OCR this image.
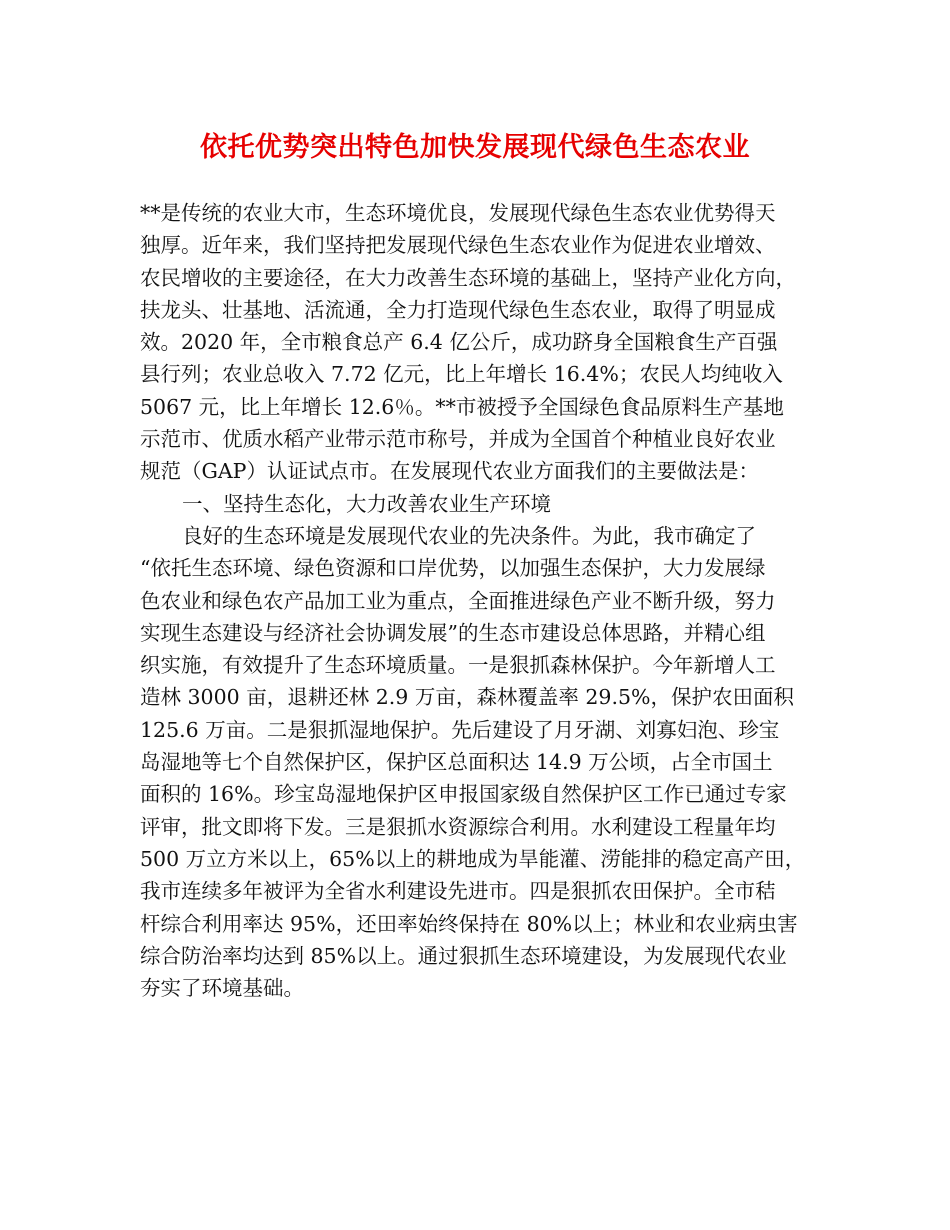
依托优势突出特色加快发展现代绿色生态农业
**是传统的农业大市，生态环境优良，发展现代绿色生态农业优势得天
独厚。近年来，我们坚持把发展现代绿色生态农业作为促进农业增效、
农民增收的主要途径，在大力改善生态环境的基础上，坚持产业化方向，
扶龙头、壮基地、活流通，全力打造现代绿色生态农业，取得了明显成
效。2020 年，全市粮食总产 6.4 亿公斤，成功跻身全国粮食生产百强
县行列；农业总收入 7.72 亿元，比上年增长 16.4%；农民人均纯收入
5067 元，比上年增长 12.6％。**市被授予全国绿色食品原料生产基地
示范市、优质水稻产业带示范市称号，并成为全国首个种植业良好农业
规范（GAP）认证试点市。在发展现代农业方面我们的主要做法是：
一、坚持生态化，大力改善农业生产环境
良好的生态环境是发展现代农业的先决条件。为此，我市确定了
“依托生态环境、绿色资源和口岸优势，以加强生态保护，大力发展绿
色农业和绿色农产品加工业为重点，全面推进绿色产业不断升级，努力
实现生态建设与经济社会协调发展”的生态市建设总体思路，并精心组
织实施，有效提升了生态环境质量。一是狠抓森林保护。今年新增人工
造林 3000 亩，退耕还林 2.9 万亩，森林覆盖率 29.5%，保护农田面积
125.6 万亩。二是狠抓湿地保护。先后建设了月牙湖、刘寡妇泡、珍宝
岛湿地等七个自然保护区，保护区总面积达 14.9 万公顷，占全市国土
面积的 16%。珍宝岛湿地保护区申报国家级自然保护区工作已通过专家
评审，批文即将下发。三是狠抓水资源综合利用。水利建设工程量年均
500 万立方米以上，65%以上的耕地成为旱能灌、涝能排的稳定高产田，
我市连续多年被评为全省水利建设先进市。四是狠抓农田保护。全市秸
杆综合利用率达 95%，还田率始终保持在 80%以上；林业和农业病虫害
综合防治率均达到 85%以上。通过狠抓生态环境建设，为发展现代农业
夯实了环境基础。
